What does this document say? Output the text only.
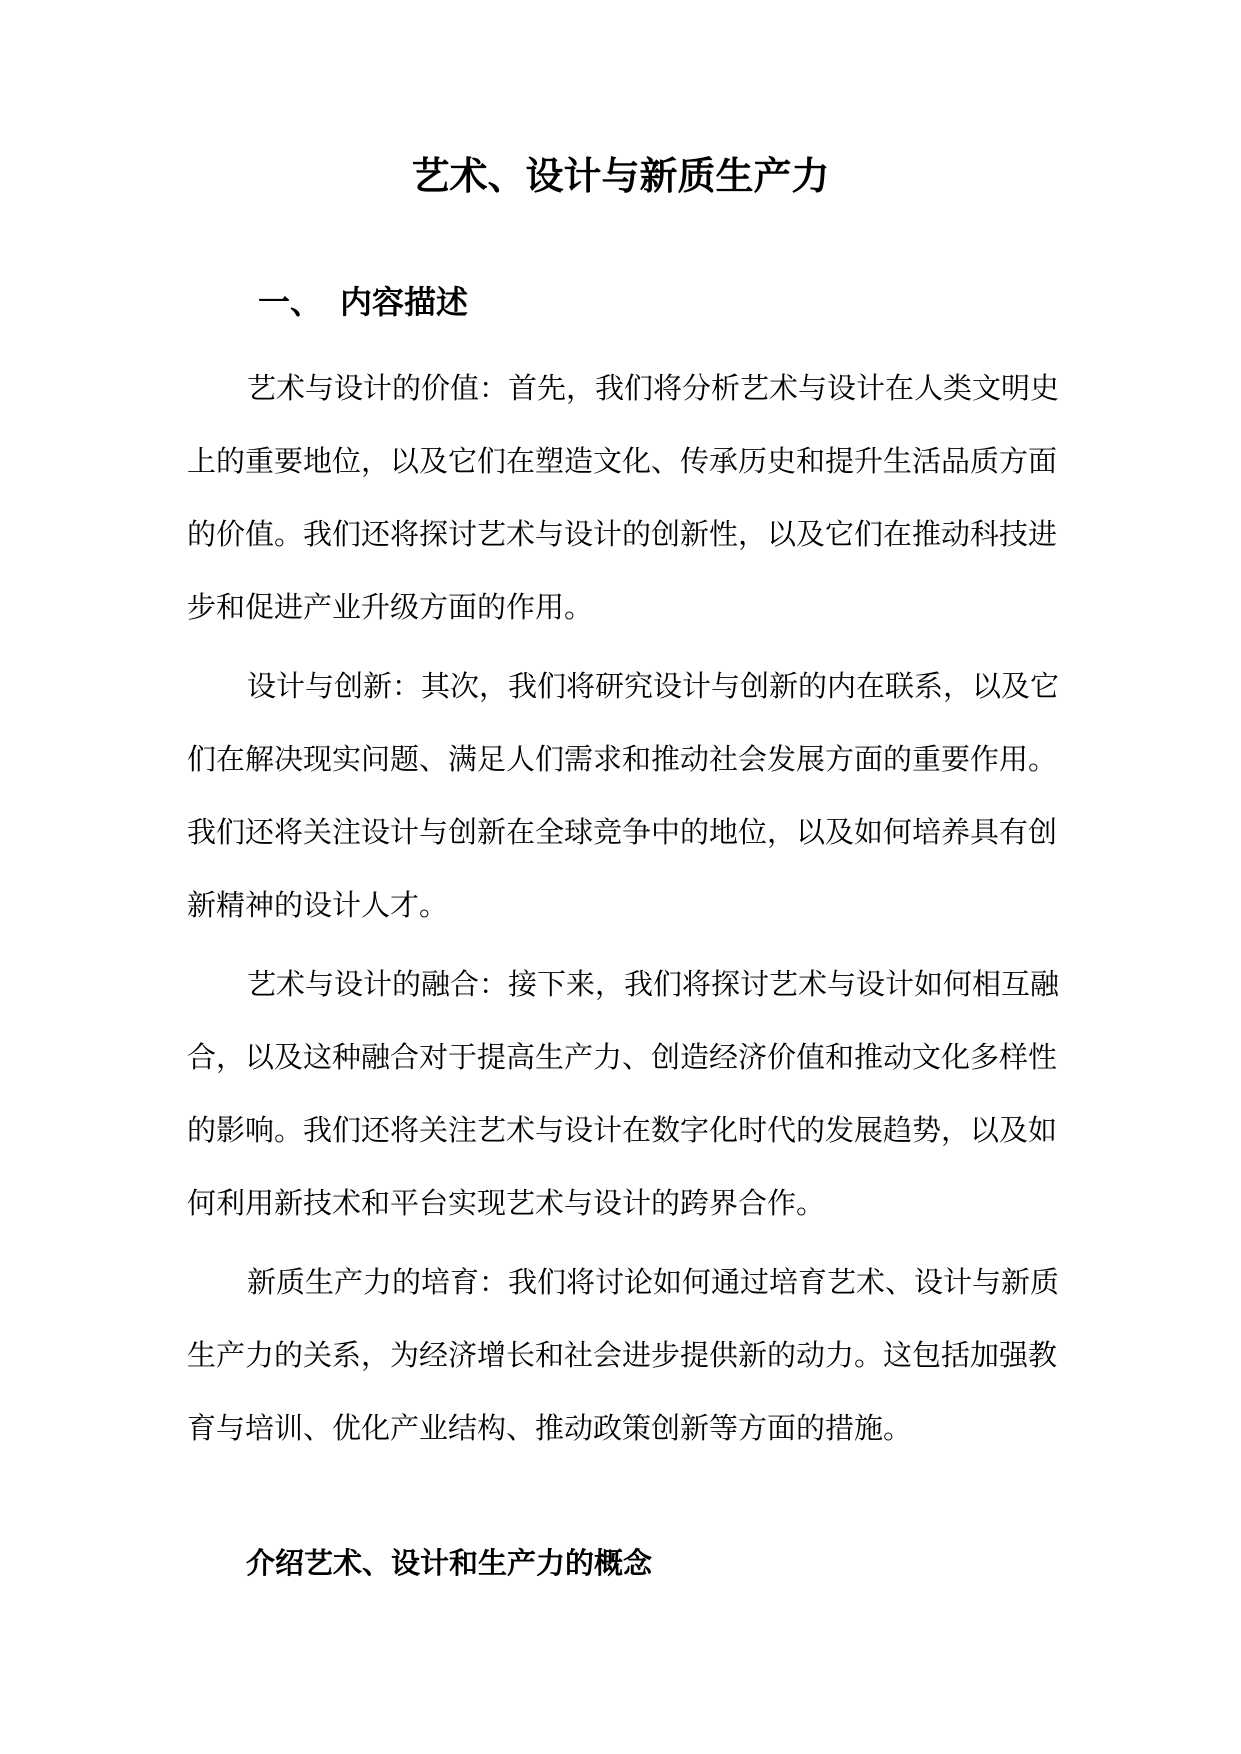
艺术、设计与新质生产力
一、 内容描述

艺术与设计的价值：首先，我们将分析艺术与设计在人类文明史
上的重要地位，以及它们在塑造文化、传承历史和提升生活品质方面
的价值。我们还将探讨艺术与设计的创新性，以及它们在推动科技进
步和促进产业升级方面的作用。

设计与创新：其次，我们将研究设计与创新的内在联系，以及它
们在解决现实问题、满足人们需求和推动社会发展方面的重要作用。
我们还将关注设计与创新在全球竞争中的地位，以及如何培养具有创
新精神的设计人才。

艺术与设计的融合：接下来，我们将探讨艺术与设计如何相互融
合，以及这种融合对于提高生产力、创造经济价值和推动文化多样性
的影响。我们还将关注艺术与设计在数字化时代的发展趋势，以及如
何利用新技术和平台实现艺术与设计的跨界合作。

新质生产力的培育：我们将讨论如何通过培育艺术、设计与新质
生产力的关系，为经济增长和社会进步提供新的动力。这包括加强教
育与培训、优化产业结构、推动政策创新等方面的措施。

介绍艺术、设计和生产力的概念
